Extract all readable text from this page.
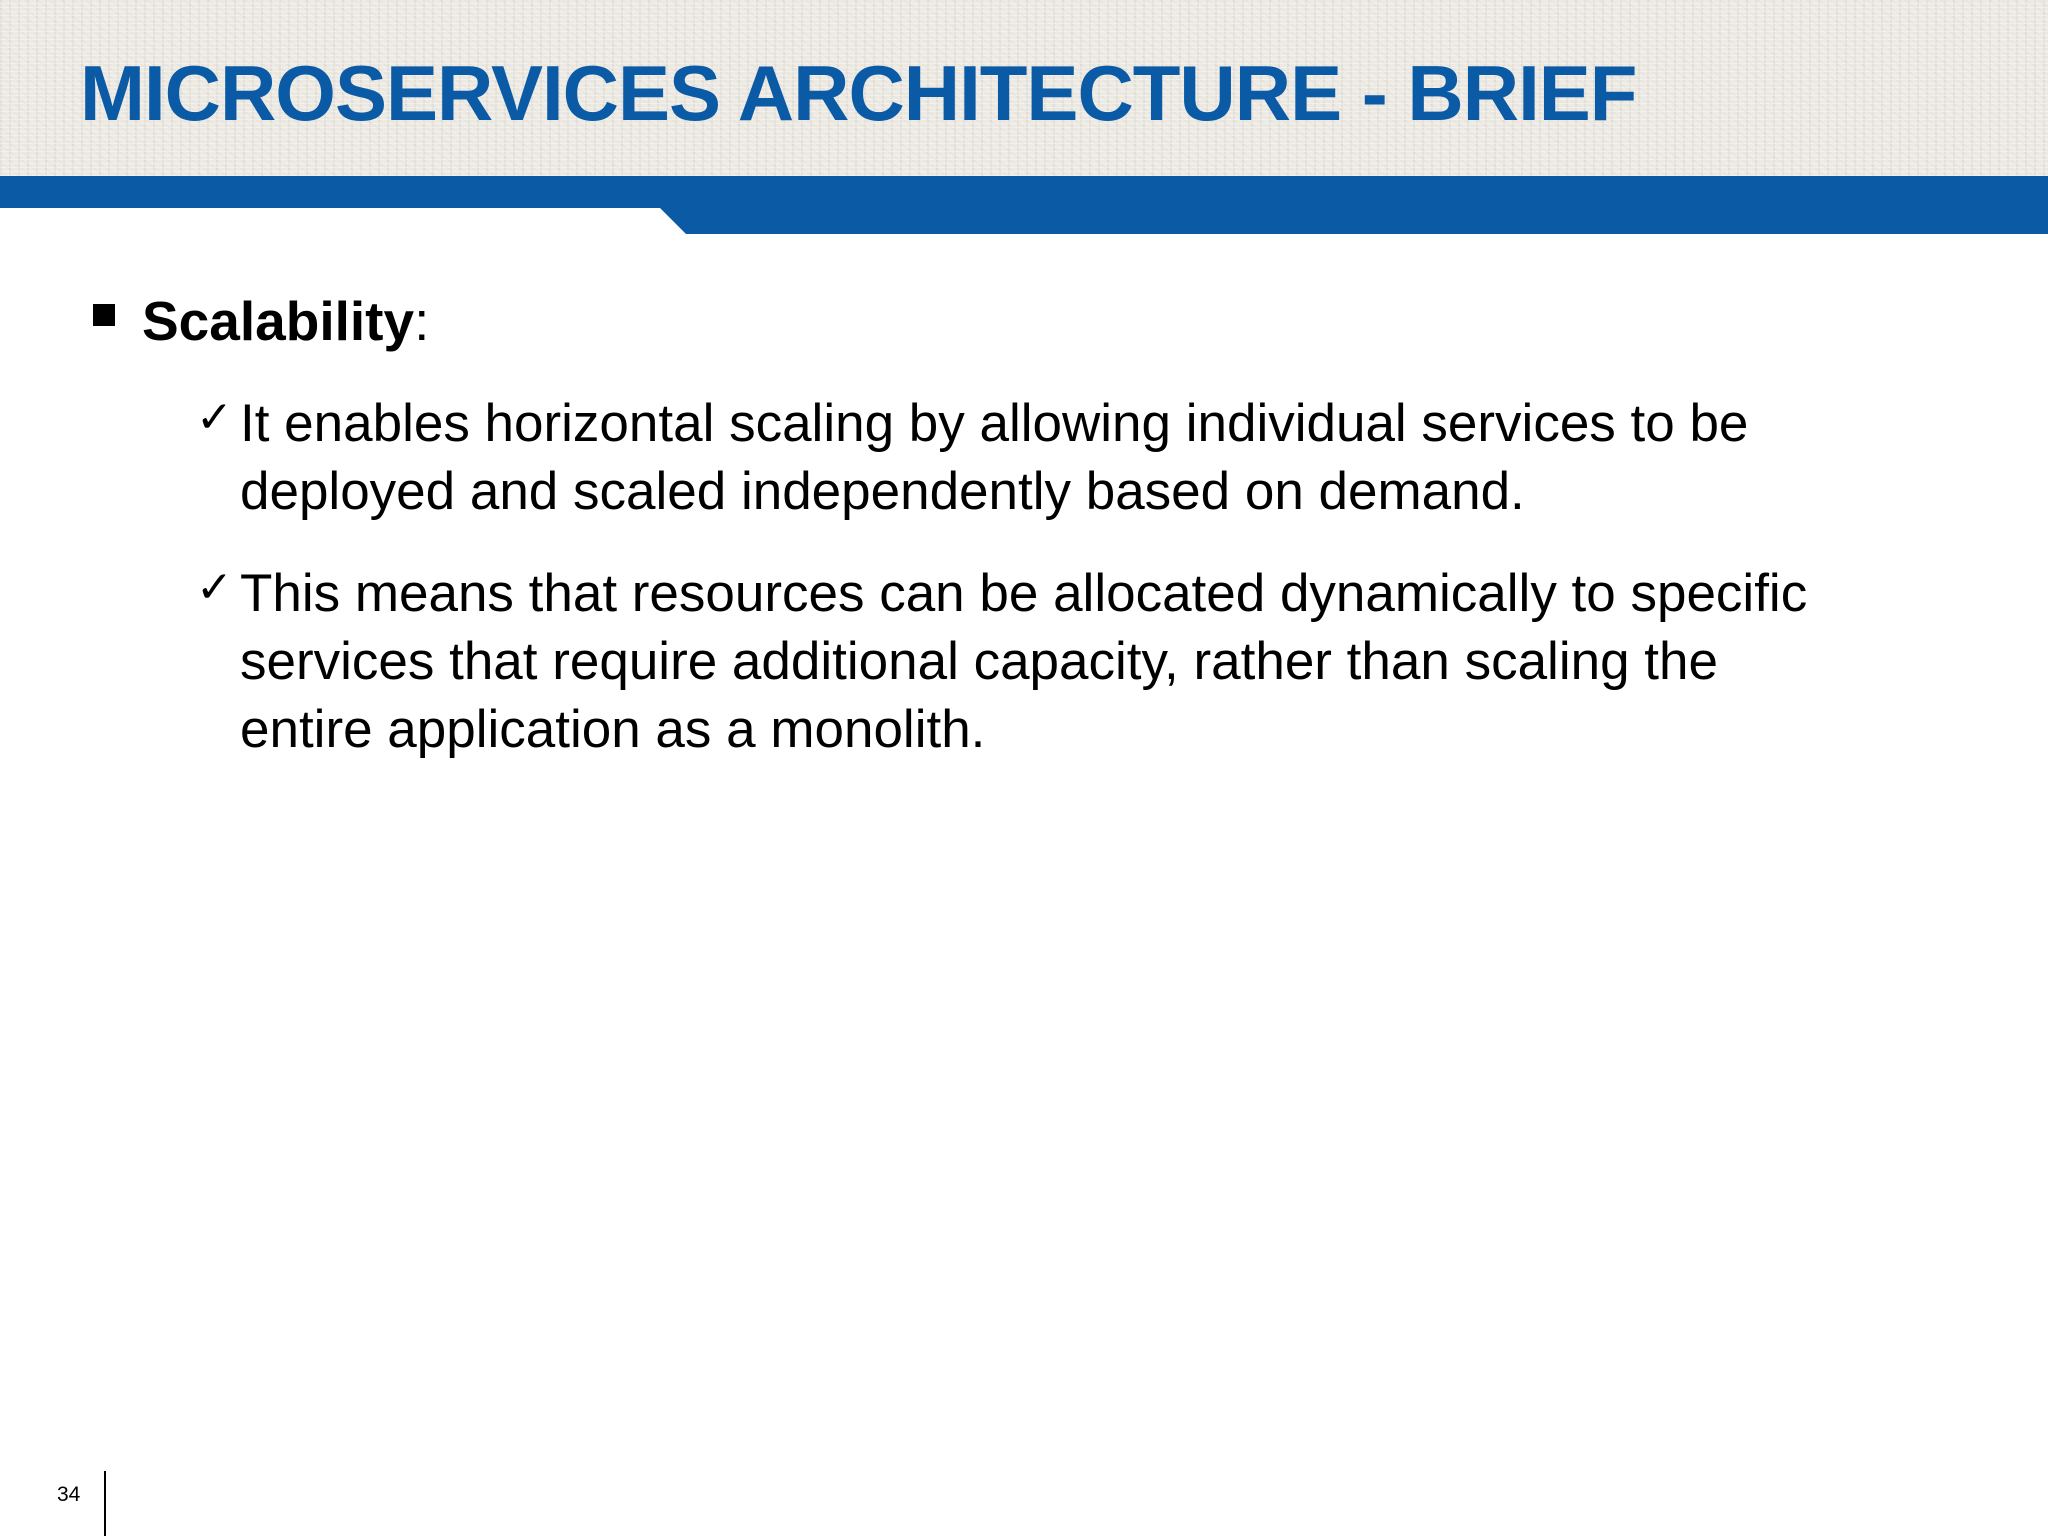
MICROSERVICES ARCHITECTURE - BRIEF
Scalability:
✓ It enables horizontal scaling by allowing individual services to be
deployed and scaled independently based on demand.
✓ This means that resources can be allocated dynamically to specific
services that require additional capacity, rather than scaling the
entire application as a monolith.
34
